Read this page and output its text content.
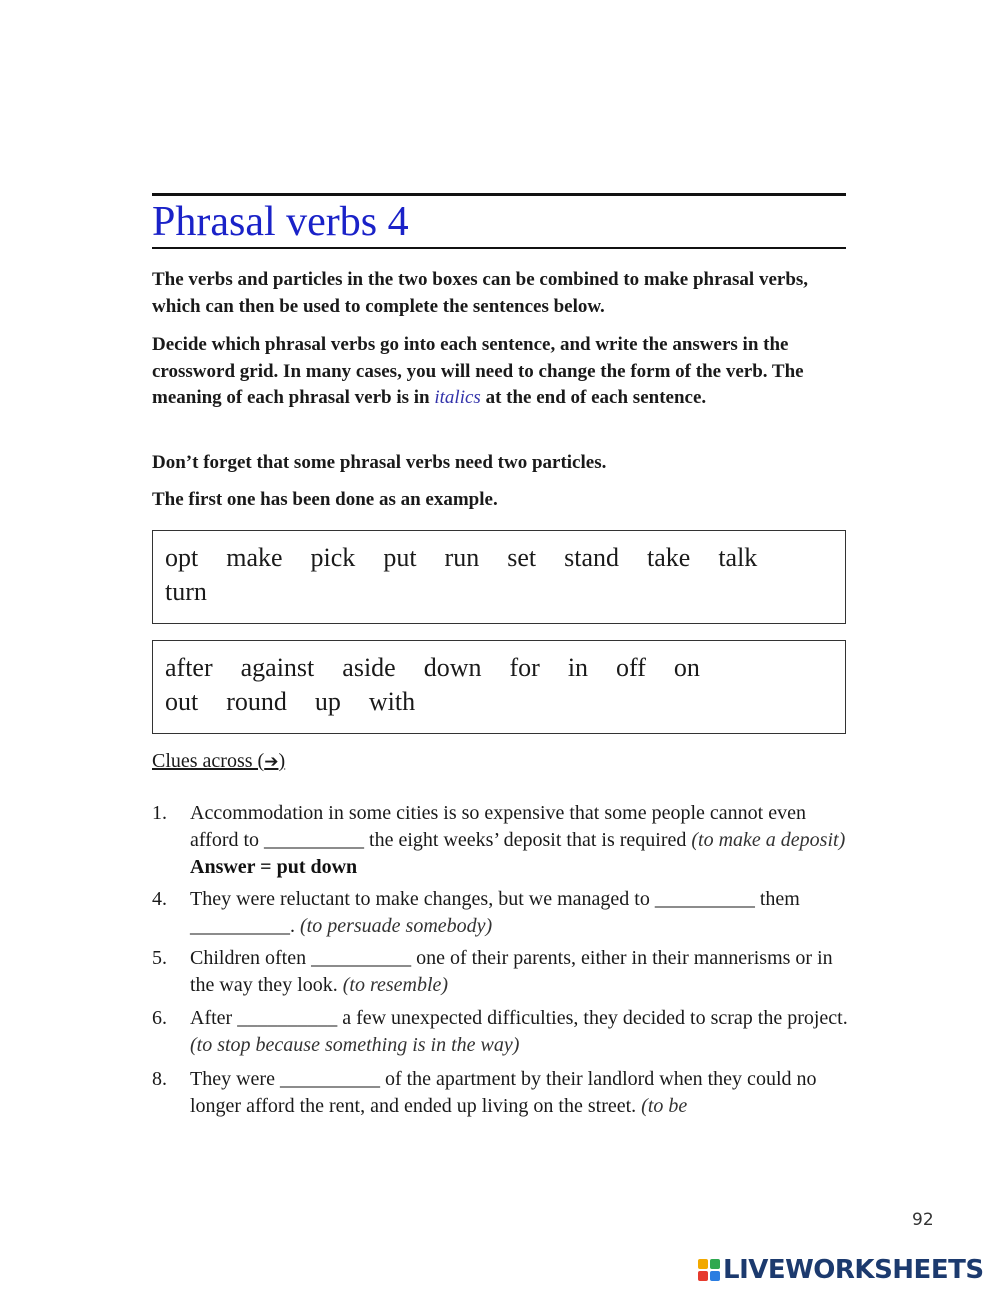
Phrasal verbs 4

The verbs and particles in the two boxes can be combined to make phrasal verbs, which can then be used to complete the sentences below.

Decide which phrasal verbs go into each sentence, and write the answers in the crossword grid. In many cases, you will need to change the form of the verb. The meaning of each phrasal verb is in italics at the end of each sentence.

Don’t forget that some phrasal verbs need two particles.

The first one has been done as an example.

opt make pick put run set stand take talk
turn
after against aside down for in off on
out round up with
Clues across (➔)
1. Accommodation in some cities is so expensive that some people cannot even afford to __________ the eight weeks’ deposit that is required (to make a deposit) Answer = put down
4. They were reluctant to make changes, but we managed to __________ them __________. (to persuade somebody)
5. Children often __________ one of their parents, either in their mannerisms or in the way they look. (to resemble)
6. After __________ a few unexpected difficulties, they decided to scrap the project. (to stop because something is in the way)
8. They were __________ of the apartment by their landlord when they could no longer afford the rent, and ended up living on the street. (to be
92
LIVEWORKSHEETS
